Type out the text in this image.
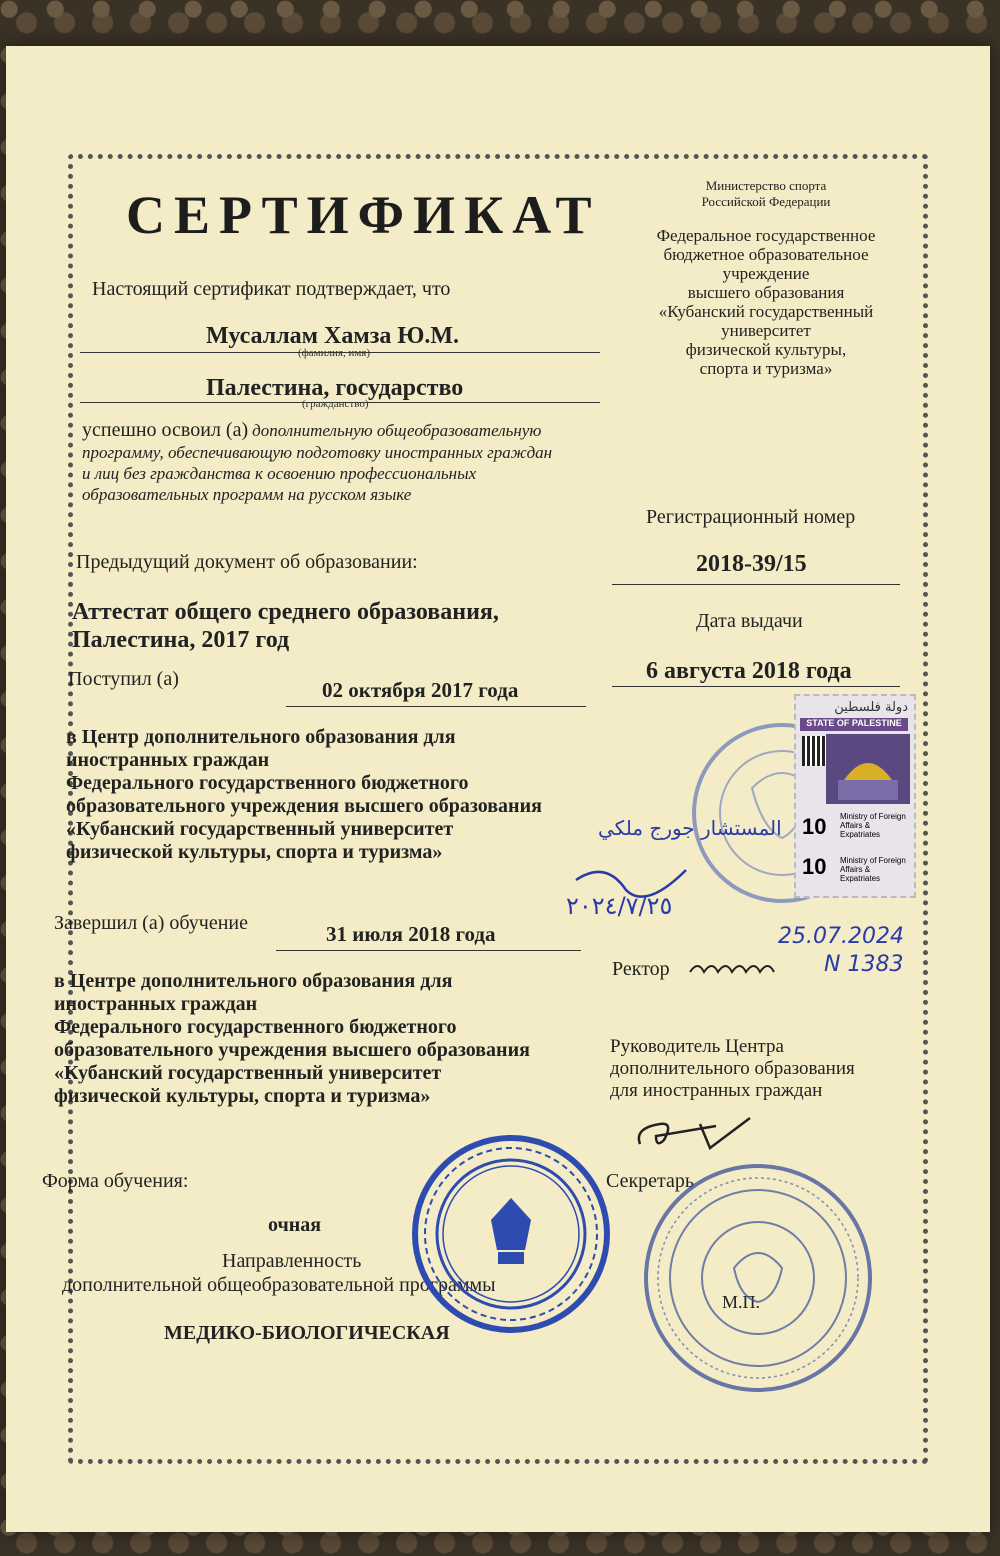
Министерство спорта
Российской Федерации
Федеральное государственное
бюджетное образовательное
учреждение
высшего образования
«Кубанский государственный
университет
физической культуры,
спорта и туризма»
СЕРТИФИКАТ
Настоящий сертификат подтверждает, что
Мусаллам Хамза Ю.М.
(фамилия, имя)
Палестина, государство
(гражданство)
успешно освоил (а) дополнительную общеобразовательную
программу, обеспечивающую подготовку иностранных граждан
и лиц без гражданства к освоению профессиональных
образовательных программ на русском языке
Регистрационный номер
2018-39/15
Предыдущий документ об образовании:
Аттестат общего среднего образования,
Палестина, 2017 год
Дата выдачи
6 августа 2018 года
Поступил (а)	02 октября 2017 года
в Центр дополнительного образования для
иностранных граждан
Федерального государственного бюджетного
образовательного учреждения высшего образования
«Кубанский государственный университет
физической культуры, спорта и туризма»
Завершил (а) обучение	31 июля 2018 года
в Центре дополнительного образования для
иностранных граждан
Федерального государственного бюджетного
образовательного учреждения высшего образования
«Кубанский государственный университет
физической культуры, спорта и туризма»
Ректор
Руководитель Центра
дополнительного образования
для иностранных граждан
Форма обучения:
очная
Направленность
дополнительной общеобразовательной программы
МЕДИКО-БИОЛОГИЧЕСКАЯ
Секретарь
М.П.
دولة فلسطين
STATE OF PALESTINE
10 Ministry of Foreign Affairs & Expatriates
10 Ministry of Foreign Affairs & Expatriates
المستشار جورج ملكي
٢٠٢٤/٧/٢٥
25.07.2024
N 1383
